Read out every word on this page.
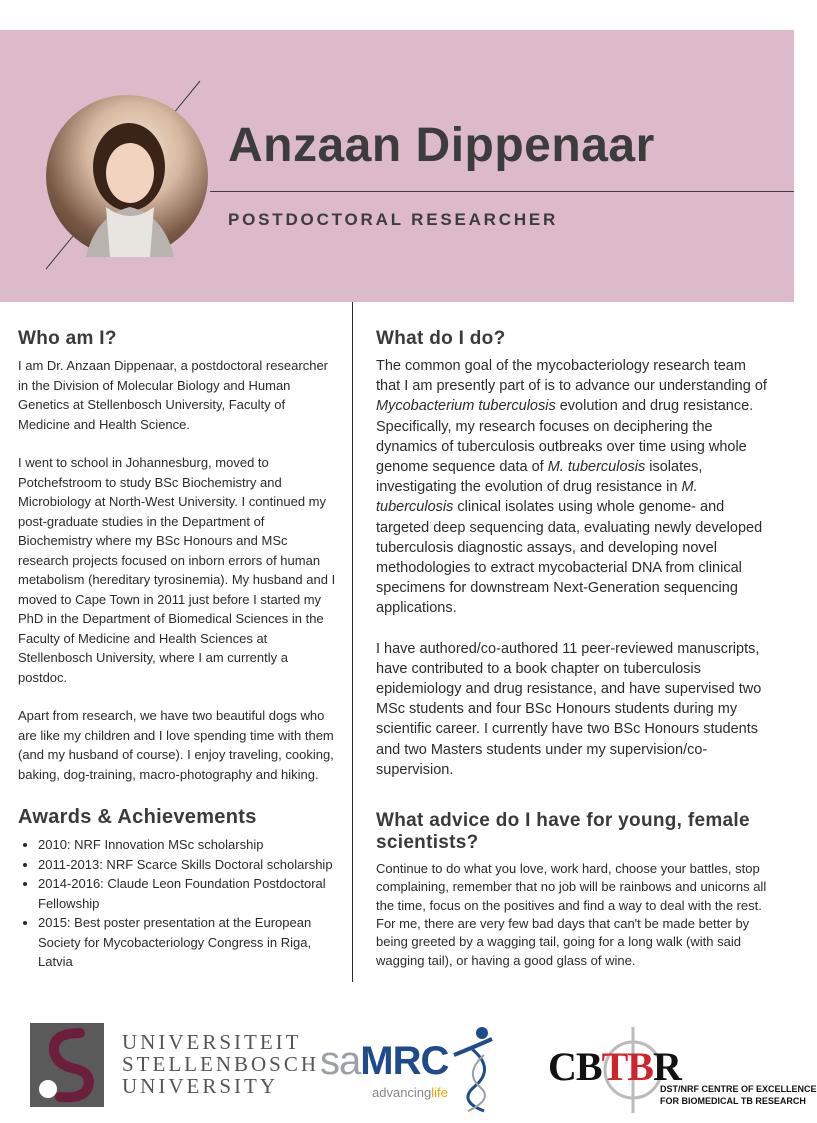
Anzaan Dippenaar
POSTDOCTORAL RESEARCHER
Who am I?

I am Dr. Anzaan Dippenaar, a postdoctoral researcher in the Division of Molecular Biology and Human Genetics at Stellenbosch University, Faculty of Medicine and Health Science.

I went to school in Johannesburg, moved to Potchefstroom to study BSc Biochemistry and Microbiology at North-West University. I continued my post-graduate studies in the Department of Biochemistry where my BSc Honours and MSc research projects focused on inborn errors of human metabolism (hereditary tyrosinemia). My husband and I moved to Cape Town in 2011 just before I started my PhD in the Department of Biomedical Sciences in the Faculty of Medicine and Health Sciences at Stellenbosch University, where I am currently a postdoc.

Apart from research, we have two beautiful dogs who are like my children and I love spending time with them (and my husband of course). I enjoy traveling, cooking, baking, dog-training, macro-photography and hiking.

Awards & Achievements
• 2010: NRF Innovation MSc scholarship
• 2011-2013: NRF Scarce Skills Doctoral scholarship
• 2014-2016: Claude Leon Foundation Postdoctoral Fellowship
• 2015: Best poster presentation at the European Society for Mycobacteriology Congress in Riga, Latvia
What do I do?

The common goal of the mycobacteriology research team that I am presently part of is to advance our understanding of Mycobacterium tuberculosis evolution and drug resistance. Specifically, my research focuses on deciphering the dynamics of tuberculosis outbreaks over time using whole genome sequence data of M. tuberculosis isolates, investigating the evolution of drug resistance in M. tuberculosis clinical isolates using whole genome- and targeted deep sequencing data, evaluating newly developed tuberculosis diagnostic assays, and developing novel methodologies to extract mycobacterial DNA from clinical specimens for downstream Next-Generation sequencing applications.

I have authored/co-authored 11 peer-reviewed manuscripts, have contributed to a book chapter on tuberculosis epidemiology and drug resistance, and have supervised two MSc students and four BSc Honours students during my scientific career. I currently have two BSc Honours students and two Masters students under my supervision/co-supervision.

What advice do I have for young, female scientists?

Continue to do what you love, work hard, choose your battles, stop complaining, remember that no job will be rainbows and unicorns all the time, focus on the positives and find a way to deal with the rest. For me, there are very few bad days that can't be made better by being greeted by a wagging tail, going for a long walk (with said wagging tail), or having a good glass of wine.

UNIVERSITEIT
STELLENBOSCH
UNIVERSITY
saMRC
advancinglife
CBTBR
DST/NRF CENTRE OF EXCELLENCE
FOR BIOMEDICAL TB RESEARCH
